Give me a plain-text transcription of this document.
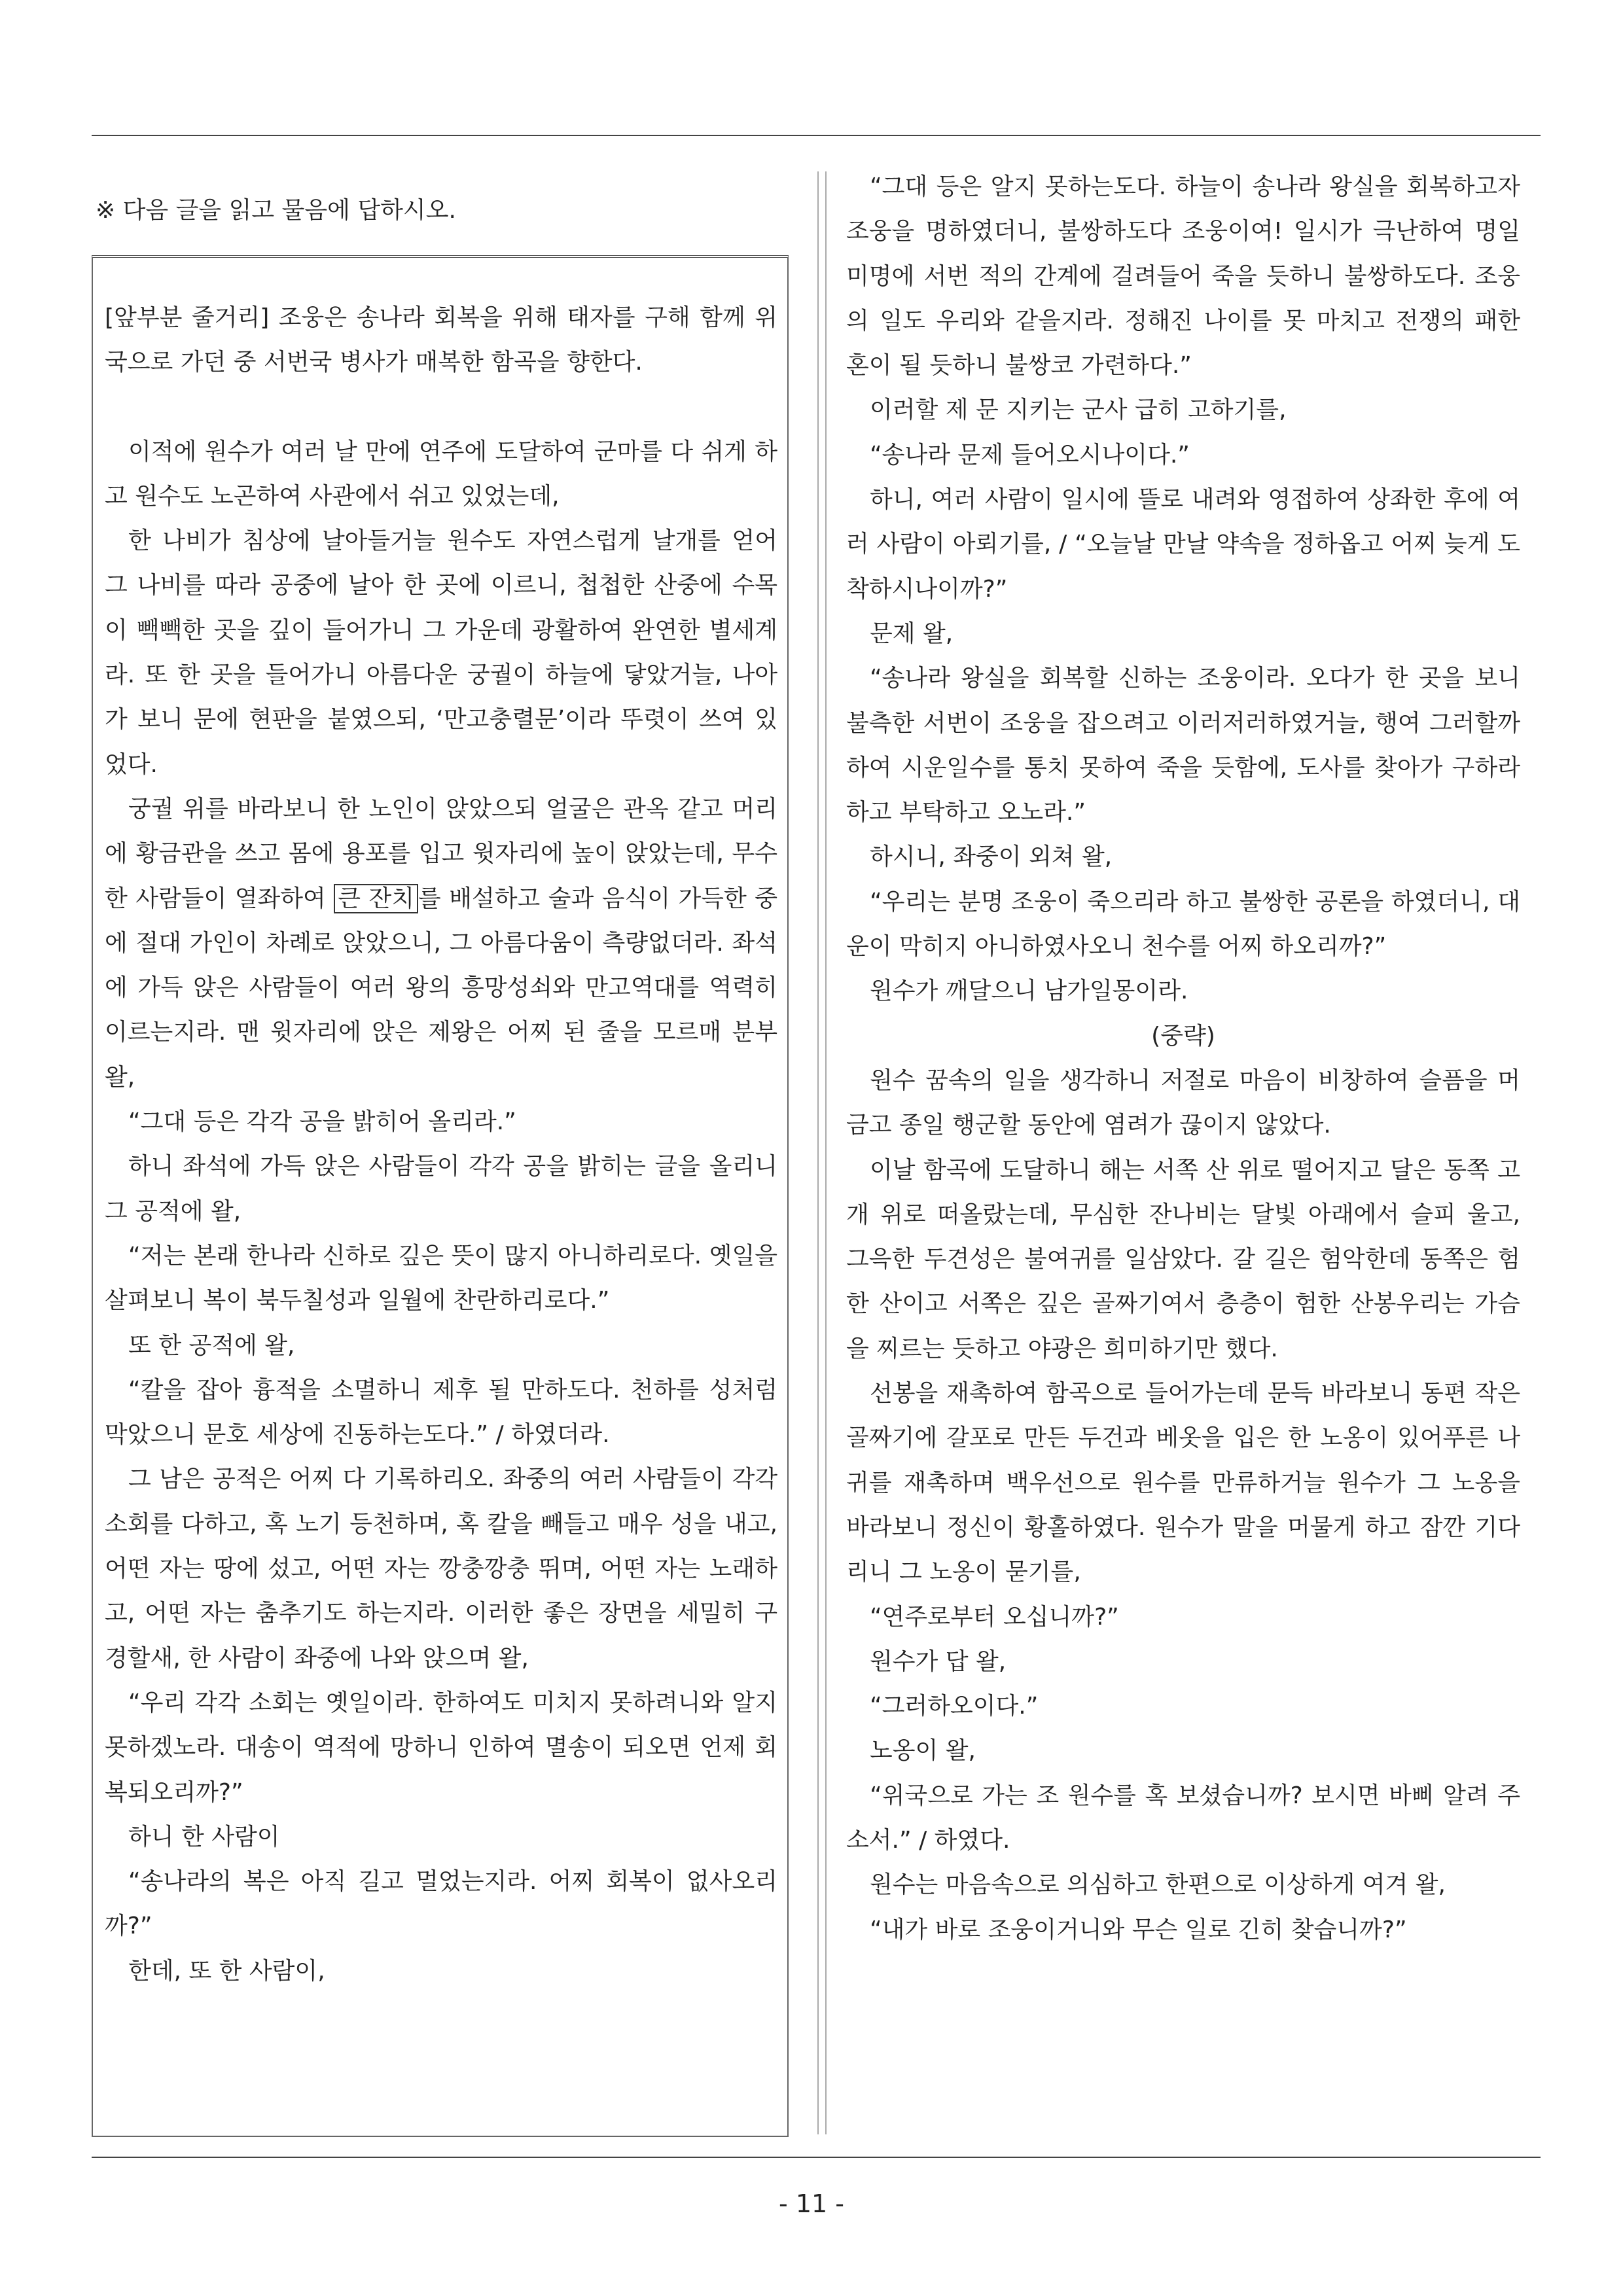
※ 다음 글을 읽고 물음에 답하시오.

[앞부분 줄거리] 조웅은 송나라 회복을 위해 태자를 구해 함께 위국으로 가던 중 서번국 병사가 매복한 함곡을 향한다.

이적에 원수가 여러 날 만에 연주에 도달하여 군마를 다 쉬게 하고 원수도 노곤하여 사관에서 쉬고 있었는데,

한 나비가 침상에 날아들거늘 원수도 자연스럽게 날개를 얻어 그 나비를 따라 공중에 날아 한 곳에 이르니, 첩첩한 산중에 수목이 빽빽한 곳을 깊이 들어가니 그 가운데 광활하여 완연한 별세계라. 또 한 곳을 들어가니 아름다운 궁궐이 하늘에 닿았거늘, 나아가 보니 문에 현판을 붙였으되, ‘만고충렬문’이라 뚜렷이 쓰여 있었다.

궁궐 위를 바라보니 한 노인이 앉았으되 얼굴은 관옥 같고 머리에 황금관을 쓰고 몸에 용포를 입고 윗자리에 높이 앉았는데, 무수한 사람들이 열좌하여 큰 잔치 를 배설하고 술과 음식이 가득한 중에 절대 가인이 차례로 앉았으니, 그 아름다움이 측량없더라. 좌석에 가득 앉은 사람들이 여러 왕의 흥망성쇠와 만고역대를 역력히 이르는지라. 맨 윗자리에 앉은 제왕은 어찌 된 줄을 모르매 분부 왈,

“그대 등은 각각 공을 밝히어 올리라.”

하니 좌석에 가득 앉은 사람들이 각각 공을 밝히는 글을 올리니 그 공적에 왈,

“저는 본래 한나라 신하로 깊은 뜻이 많지 아니하리로다. 옛일을 살펴보니 복이 북두칠성과 일월에 찬란하리로다.”

또 한 공적에 왈,

“칼을 잡아 흉적을 소멸하니 제후 될 만하도다. 천하를 성처럼 막았으니 문호 세상에 진동하는도다.” / 하였더라.

그 남은 공적은 어찌 다 기록하리오. 좌중의 여러 사람들이 각각 소회를 다하고, 혹 노기 등천하며, 혹 칼을 빼들고 매우 성을 내고, 어떤 자는 땅에 섰고, 어떤 자는 깡충깡충 뛰며, 어떤 자는 노래하고, 어떤 자는 춤추기도 하는지라. 이러한 좋은 장면을 세밀히 구경할새, 한 사람이 좌중에 나와 앉으며 왈,

“우리 각각 소회는 옛일이라. 한하여도 미치지 못하려니와 알지 못하겠노라. 대송이 역적에 망하니 인하여 멸송이 되오면 언제 회복되오리까?”

하니 한 사람이

“송나라의 복은 아직 길고 멀었는지라. 어찌 회복이 없사오리까?”

한데, 또 한 사람이,

“그대 등은 알지 못하는도다. 하늘이 송나라 왕실을 회복하고자 조웅을 명하였더니, 불쌍하도다 조웅이여! 일시가 극난하여 명일 미명에 서번 적의 간계에 걸려들어 죽을 듯하니 불쌍하도다. 조웅의 일도 우리와 같을지라. 정해진 나이를 못 마치고 전쟁의 패한 혼이 될 듯하니 불쌍코 가련하다.”

이러할 제 문 지키는 군사 급히 고하기를,

“송나라 문제 들어오시나이다.”

하니, 여러 사람이 일시에 뜰로 내려와 영접하여 상좌한 후에 여러 사람이 아뢰기를, / “오늘날 만날 약속을 정하옵고 어찌 늦게 도착하시나이까?”

문제 왈,

“송나라 왕실을 회복할 신하는 조웅이라. 오다가 한 곳을 보니 불측한 서번이 조웅을 잡으려고 이러저러하였거늘, 행여 그러할까 하여 시운일수를 통치 못하여 죽을 듯함에, 도사를 찾아가 구하라 하고 부탁하고 오노라.”

하시니, 좌중이 외쳐 왈,

“우리는 분명 조웅이 죽으리라 하고 불쌍한 공론을 하였더니, 대운이 막히지 아니하였사오니 천수를 어찌 하오리까?”

원수가 깨달으니 남가일몽이라.

(중략)

원수 꿈속의 일을 생각하니 저절로 마음이 비창하여 슬픔을 머금고 종일 행군할 동안에 염려가 끊이지 않았다.

이날 함곡에 도달하니 해는 서쪽 산 위로 떨어지고 달은 동쪽 고개 위로 떠올랐는데, 무심한 잔나비는 달빛 아래에서 슬피 울고, 그윽한 두견성은 불여귀를 일삼았다. 갈 길은 험악한데 동쪽은 험한 산이고 서쪽은 깊은 골짜기여서 층층이 험한 산봉우리는 가슴을 찌르는 듯하고 야광은 희미하기만 했다.

선봉을 재촉하여 함곡으로 들어가는데 문득 바라보니 동편 작은 골짜기에 갈포로 만든 두건과 베옷을 입은 한 노옹이 있어푸른 나귀를 재촉하며 백우선으로 원수를 만류하거늘 원수가 그 노옹을 바라보니 정신이 황홀하였다. 원수가 말을 머물게 하고 잠깐 기다리니 그 노옹이 묻기를,

“연주로부터 오십니까?”

원수가 답 왈,

“그러하오이다.”

노옹이 왈,

“위국으로 가는 조 원수를 혹 보셨습니까? 보시면 바삐 알려 주소서.” / 하였다.

원수는 마음속으로 의심하고 한편으로 이상하게 여겨 왈,

“내가 바로 조웅이거니와 무슨 일로 긴히 찾습니까?”

- 11 -
